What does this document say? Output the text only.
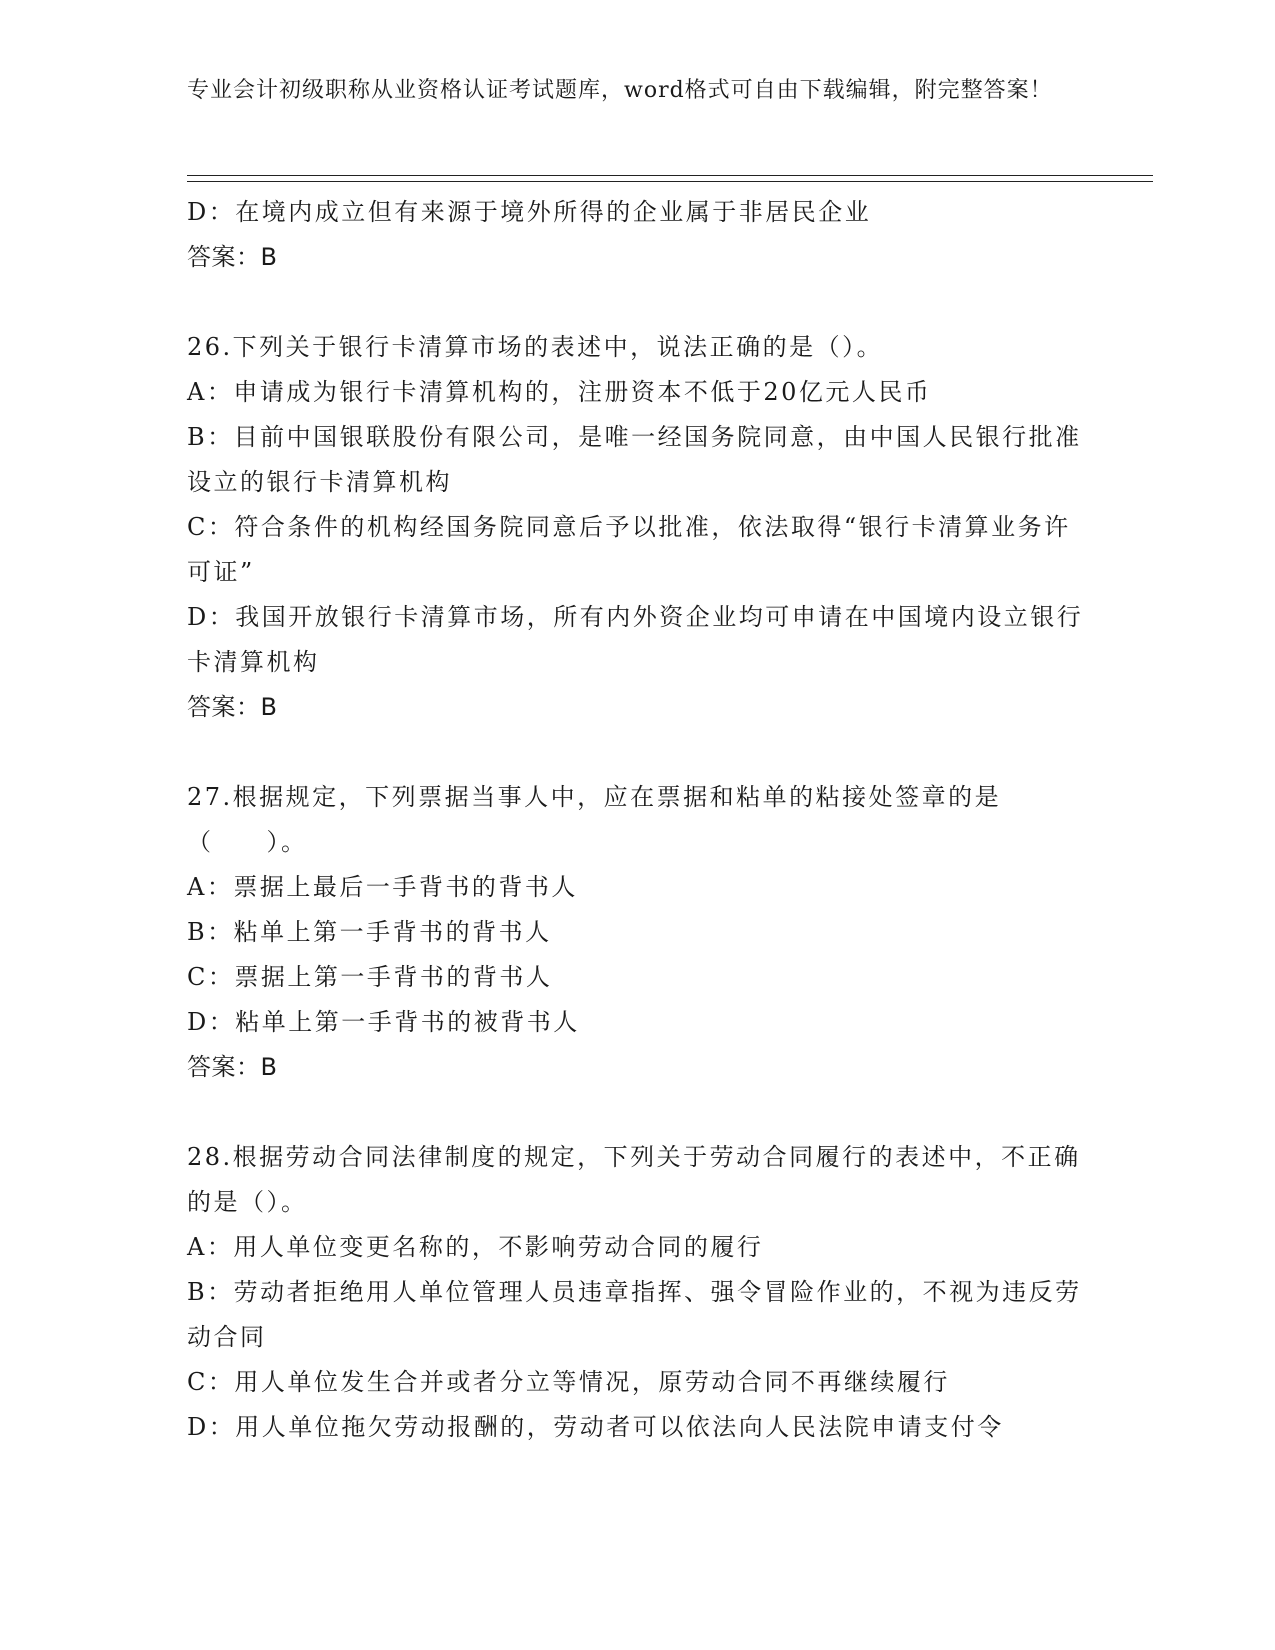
专业会计初级职称从业资格认证考试题库，word格式可自由下载编辑，附完整答案！

D：在境内成立但有来源于境外所得的企业属于非居民企业

答案：B

26.下列关于银行卡清算市场的表述中，说法正确的是（）。

A：申请成为银行卡清算机构的，注册资本不低于20亿元人民币

B：目前中国银联股份有限公司，是唯一经国务院同意，由中国人民银行批准设立的银行卡清算机构

C：符合条件的机构经国务院同意后予以批准，依法取得“银行卡清算业务许可证”

D：我国开放银行卡清算市场，所有内外资企业均可申请在中国境内设立银行卡清算机构

答案：B

27.根据规定，下列票据当事人中，应在票据和粘单的粘接处签章的是（　　）。

A：票据上最后一手背书的背书人

B：粘单上第一手背书的背书人

C：票据上第一手背书的背书人

D：粘单上第一手背书的被背书人

答案：B

28.根据劳动合同法律制度的规定，下列关于劳动合同履行的表述中，不正确的是（）。

A：用人单位变更名称的，不影响劳动合同的履行

B：劳动者拒绝用人单位管理人员违章指挥、强令冒险作业的，不视为违反劳动合同

C：用人单位发生合并或者分立等情况，原劳动合同不再继续履行

D：用人单位拖欠劳动报酬的，劳动者可以依法向人民法院申请支付令
